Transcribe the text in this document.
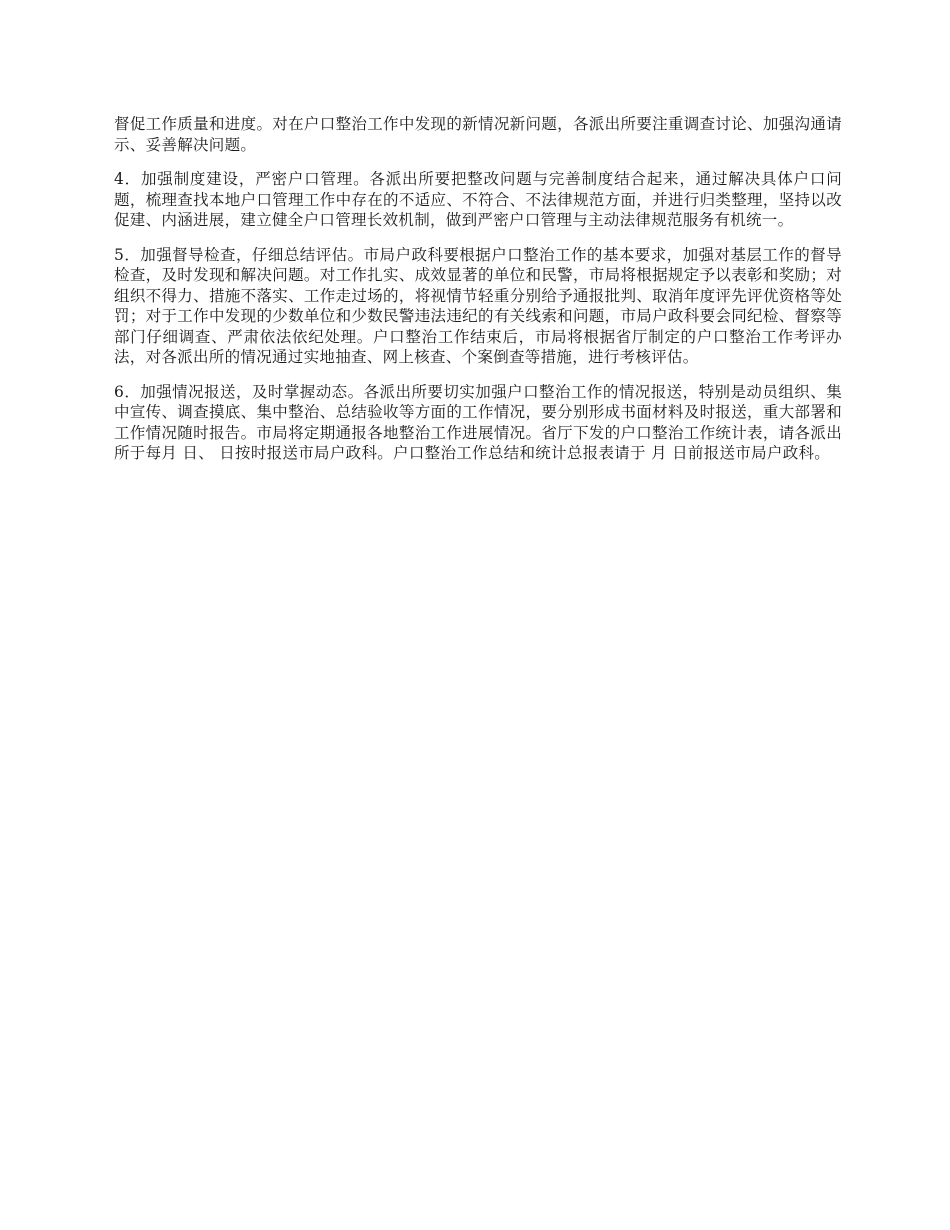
督促工作质量和进度。对在户口整治工作中发现的新情况新问题，各派出所要注重调查讨论、加强沟通请示、妥善解决问题。

4．加强制度建设，严密户口管理。各派出所要把整改问题与完善制度结合起来，通过解决具体户口问题，梳理查找本地户口管理工作中存在的不适应、不符合、不法律规范方面，并进行归类整理，坚持以改促建、内涵进展，建立健全户口管理长效机制，做到严密户口管理与主动法律规范服务有机统一。

5．加强督导检查，仔细总结评估。市局户政科要根据户口整治工作的基本要求，加强对基层工作的督导检查，及时发现和解决问题。对工作扎实、成效显著的单位和民警，市局将根据规定予以表彰和奖励；对组织不得力、措施不落实、工作走过场的，将视情节轻重分别给予通报批判、取消年度评先评优资格等处罚；对于工作中发现的少数单位和少数民警违法违纪的有关线索和问题，市局户政科要会同纪检、督察等部门仔细调查、严肃依法依纪处理。户口整治工作结束后，市局将根据省厅制定的户口整治工作考评办法，对各派出所的情况通过实地抽查、网上核查、个案倒查等措施，进行考核评估。

6．加强情况报送，及时掌握动态。各派出所要切实加强户口整治工作的情况报送，特别是动员组织、集中宣传、调查摸底、集中整治、总结验收等方面的工作情况，要分别形成书面材料及时报送，重大部署和工作情况随时报告。市局将定期通报各地整治工作进展情况。省厅下发的户口整治工作统计表，请各派出所于每月 日、 日按时报送市局户政科。户口整治工作总结和统计总报表请于 月 日前报送市局户政科。
